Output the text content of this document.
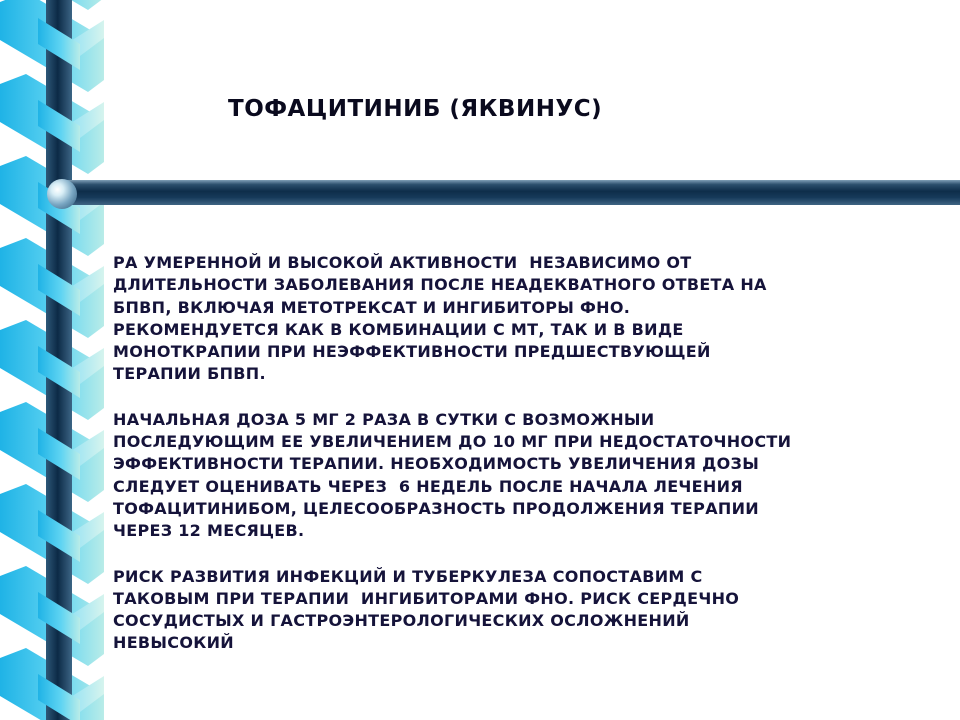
ТОФАЦИТИНИБ (ЯКВИНУС)

РА УМЕРЕННОЙ И ВЫСОКОЙ АКТИВНОСТИ  НЕЗАВИСИМО ОТ
ДЛИТЕЛЬНОСТИ ЗАБОЛЕВАНИЯ ПОСЛЕ НЕАДЕКВАТНОГО ОТВЕТА НА
БПВП, ВКЛЮЧАЯ МЕТОТРЕКСАТ И ИНГИБИТОРЫ ФНО.
РЕКОМЕНДУЕТСЯ КАК В КОМБИНАЦИИ С МТ, ТАК И В ВИДЕ
МОНОТКРАПИИ ПРИ НЕЭФФЕКТИВНОСТИ ПРЕДШЕСТВУЮЩЕЙ
ТЕРАПИИ БПВП.

НАЧАЛЬНАЯ ДОЗА 5 МГ 2 РАЗА В СУТКИ С ВОЗМОЖНЫИ
ПОСЛЕДУЮЩИМ ЕЕ УВЕЛИЧЕНИЕМ ДО 10 МГ ПРИ НЕДОСТАТОЧНОСТИ
ЭФФЕКТИВНОСТИ ТЕРАПИИ. НЕОБХОДИМОСТЬ УВЕЛИЧЕНИЯ ДОЗЫ
СЛЕДУЕТ ОЦЕНИВАТЬ ЧЕРЕЗ  6 НЕДЕЛЬ ПОСЛЕ НАЧАЛА ЛЕЧЕНИЯ
ТОФАЦИТИНИБОМ, ЦЕЛЕСООБРАЗНОСТЬ ПРОДОЛЖЕНИЯ ТЕРАПИИ
ЧЕРЕЗ 12 МЕСЯЦЕВ.

РИСК РАЗВИТИЯ ИНФЕКЦИЙ И ТУБЕРКУЛЕЗА СОПОСТАВИМ С
ТАКОВЫМ ПРИ ТЕРАПИИ  ИНГИБИТОРАМИ ФНО. РИСК СЕРДЕЧНО
СОСУДИСТЫХ И ГАСТРОЭНТЕРОЛОГИЧЕСКИХ ОСЛОЖНЕНИЙ
НЕВЫСОКИЙ
